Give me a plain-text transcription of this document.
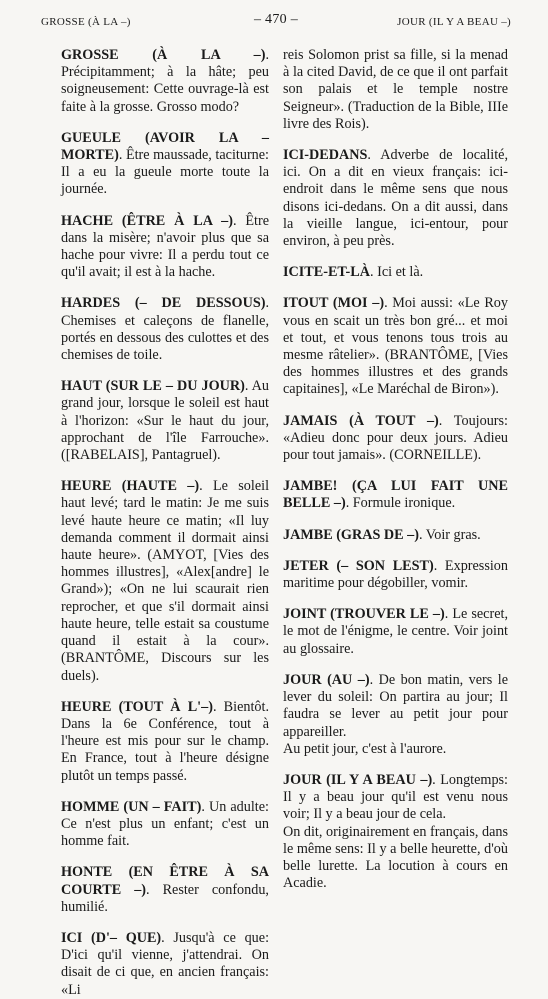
GROSSE (À LA –)	– 470 –	JOUR (IL Y A BEAU –)
GROSSE (À LA –). Précipitamment; à la hâte; peu soigneusement: Cette ouvrage-là est faite à la grosse. Grosso modo?
GUEULE (AVOIR LA – MORTE). Être maussade, taciturne: Il a eu la gueule morte toute la journée.
HACHE (ÊTRE À LA –). Être dans la misère; n'avoir plus que sa hache pour vivre: Il a perdu tout ce qu'il avait; il est à la hache.
HARDES (– DE DESSOUS). Chemises et caleçons de flanelle, portés en dessous des culottes et des chemises de toile.
HAUT (SUR LE – DU JOUR). Au grand jour, lorsque le soleil est haut à l'horizon: «Sur le haut du jour, approchant de l'île Farrouche». ([RABELAIS], Pantagruel).
HEURE (HAUTE –). Le soleil haut levé; tard le matin: Je me suis levé haute heure ce matin; «Il luy demanda comment il dormait ainsi haute heure». (AMYOT, [Vies des hommes illustres], «Alex[andre] le Grand»); «On ne lui scaurait rien reprocher, et que s'il dormait ainsi haute heure, telle estait sa coustume quand il estait à la cour». (BRANTÔME, Discours sur les duels).
HEURE (TOUT À L'–). Bientôt. Dans la 6e Conférence, tout à l'heure est mis pour sur le champ. En France, tout à l'heure désigne plutôt un temps passé.
HOMME (UN – FAIT). Un adulte: Ce n'est plus un enfant; c'est un homme fait.
HONTE (EN ÊTRE À SA COURTE –). Rester confondu, humilié.
ICI (D'– QUE). Jusqu'à ce que: D'ici qu'il vienne, j'attendrai. On disait de ci que, en ancien français: «Li
reis Solomon prist sa fille, si la menad à la cited David, de ce que il ont parfait son palais et le temple nostre Seigneur». (Traduction de la Bible, IIIe livre des Rois).
ICI-DEDANS. Adverbe de localité, ici. On a dit en vieux français: ici-endroit dans le même sens que nous disons ici-dedans. On a dit aussi, dans la vieille langue, ici-entour, pour environ, à peu près.
ICITE-ET-LÀ. Ici et là.
ITOUT (MOI –). Moi aussi: «Le Roy vous en scait un très bon gré... et moi et tout, et vous tenons tous trois au mesme râtelier». (BRANTÔME, [Vies des hommes illustres et des grands capitaines], «Le Maréchal de Biron»).
JAMAIS (À TOUT –). Toujours: «Adieu donc pour deux jours. Adieu pour tout jamais». (CORNEILLE).
JAMBE! (ÇA LUI FAIT UNE BELLE –). Formule ironique.
JAMBE (GRAS DE –). Voir gras.
JETER (– SON LEST). Expression maritime pour dégobiller, vomir.
JOINT (TROUVER LE –). Le secret, le mot de l'énigme, le centre. Voir joint au glossaire.
JOUR (AU –). De bon matin, vers le lever du soleil: On partira au jour; Il faudra se lever au petit jour pour appareiller.

Au petit jour, c'est à l'aurore.

JOUR (IL Y A BEAU –). Longtemps: Il y a beau jour qu'il est venu nous voir; Il y a beau jour de cela.

On dit, originairement en français, dans le même sens: Il y a belle heurette, d'où belle lurette. La locution à cours en Acadie.
